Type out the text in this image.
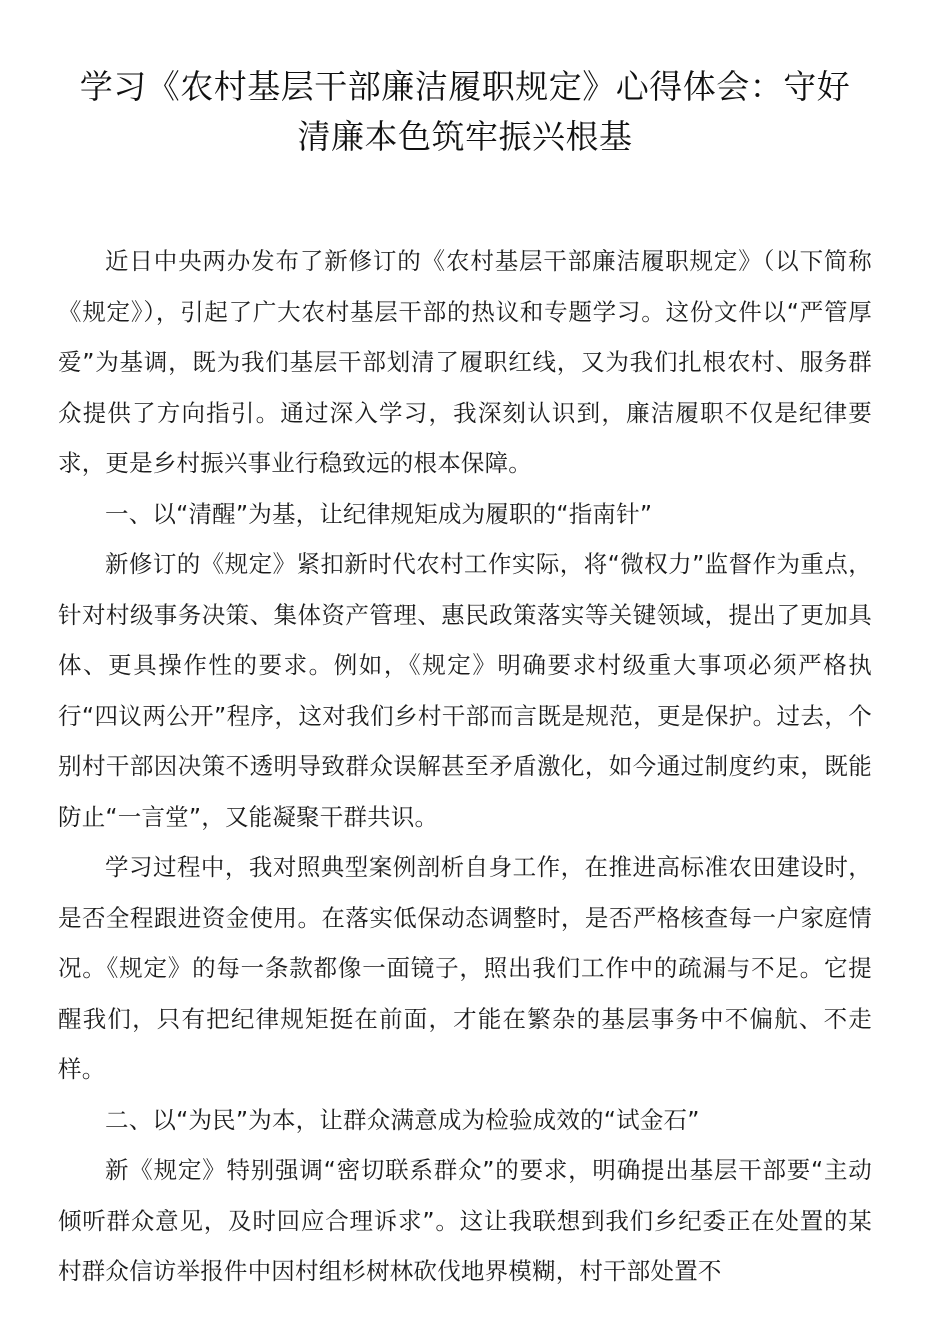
学习《农村基层干部廉洁履职规定》心得体会：守好
清廉本色筑牢振兴根基

近日中央两办发布了新修订的《农村基层干部廉洁履职规定》（以下简称《规定》），引起了广大农村基层干部的热议和专题学习。这份文件以“严管厚爱”为基调，既为我们基层干部划清了履职红线，又为我们扎根农村、服务群众提供了方向指引。通过深入学习，我深刻认识到，廉洁履职不仅是纪律要求，更是乡村振兴事业行稳致远的根本保障。

一、以“清醒”为基，让纪律规矩成为履职的“指南针”

新修订的《规定》紧扣新时代农村工作实际，将“微权力”监督作为重点，针对村级事务决策、集体资产管理、惠民政策落实等关键领域，提出了更加具体、更具操作性的要求。例如，《规定》明确要求村级重大事项必须严格执行“四议两公开”程序，这对我们乡村干部而言既是规范，更是保护。过去，个别村干部因决策不透明导致群众误解甚至矛盾激化，如今通过制度约束，既能防止“一言堂”，又能凝聚干群共识。

学习过程中，我对照典型案例剖析自身工作，在推进高标准农田建设时，是否全程跟进资金使用。在落实低保动态调整时，是否严格核查每一户家庭情况。《规定》的每一条款都像一面镜子，照出我们工作中的疏漏与不足。它提醒我们，只有把纪律规矩挺在前面，才能在繁杂的基层事务中不偏航、不走样。

二、以“为民”为本，让群众满意成为检验成效的“试金石”

新《规定》特别强调“密切联系群众”的要求，明确提出基层干部要“主动倾听群众意见，及时回应合理诉求”。这让我联想到我们乡纪委正在处置的某村群众信访举报件中因村组杉树林砍伐地界模糊，村干部处置不
